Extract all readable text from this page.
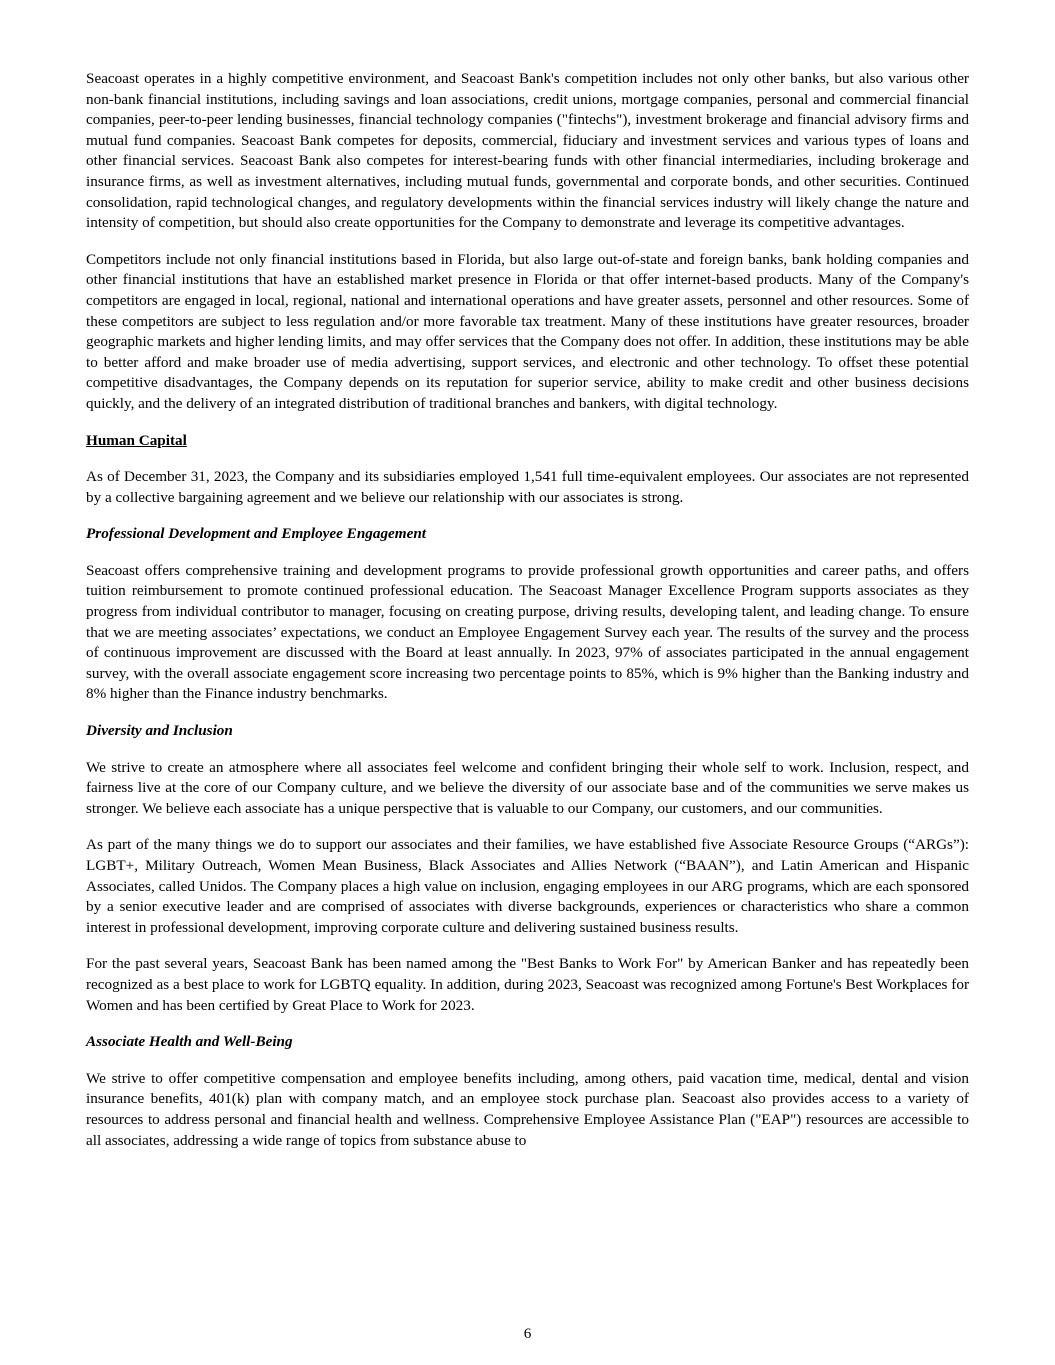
Seacoast operates in a highly competitive environment, and Seacoast Bank's competition includes not only other banks, but also various other non-bank financial institutions, including savings and loan associations, credit unions, mortgage companies, personal and commercial financial companies, peer-to-peer lending businesses, financial technology companies ("fintechs"), investment brokerage and financial advisory firms and mutual fund companies. Seacoast Bank competes for deposits, commercial, fiduciary and investment services and various types of loans and other financial services. Seacoast Bank also competes for interest-bearing funds with other financial intermediaries, including brokerage and insurance firms, as well as investment alternatives, including mutual funds, governmental and corporate bonds, and other securities. Continued consolidation, rapid technological changes, and regulatory developments within the financial services industry will likely change the nature and intensity of competition, but should also create opportunities for the Company to demonstrate and leverage its competitive advantages.

Competitors include not only financial institutions based in Florida, but also large out-of-state and foreign banks, bank holding companies and other financial institutions that have an established market presence in Florida or that offer internet-based products. Many of the Company's competitors are engaged in local, regional, national and international operations and have greater assets, personnel and other resources. Some of these competitors are subject to less regulation and/or more favorable tax treatment. Many of these institutions have greater resources, broader geographic markets and higher lending limits, and may offer services that the Company does not offer. In addition, these institutions may be able to better afford and make broader use of media advertising, support services, and electronic and other technology. To offset these potential competitive disadvantages, the Company depends on its reputation for superior service, ability to make credit and other business decisions quickly, and the delivery of an integrated distribution of traditional branches and bankers, with digital technology.

Human Capital

As of December 31, 2023, the Company and its subsidiaries employed 1,541 full time-equivalent employees. Our associates are not represented by a collective bargaining agreement and we believe our relationship with our associates is strong.

Professional Development and Employee Engagement

Seacoast offers comprehensive training and development programs to provide professional growth opportunities and career paths, and offers tuition reimbursement to promote continued professional education. The Seacoast Manager Excellence Program supports associates as they progress from individual contributor to manager, focusing on creating purpose, driving results, developing talent, and leading change. To ensure that we are meeting associates’ expectations, we conduct an Employee Engagement Survey each year. The results of the survey and the process of continuous improvement are discussed with the Board at least annually. In 2023, 97% of associates participated in the annual engagement survey, with the overall associate engagement score increasing two percentage points to 85%, which is 9% higher than the Banking industry and 8% higher than the Finance industry benchmarks.

Diversity and Inclusion

We strive to create an atmosphere where all associates feel welcome and confident bringing their whole self to work. Inclusion, respect, and fairness live at the core of our Company culture, and we believe the diversity of our associate base and of the communities we serve makes us stronger. We believe each associate has a unique perspective that is valuable to our Company, our customers, and our communities.

As part of the many things we do to support our associates and their families, we have established five Associate Resource Groups (“ARGs”): LGBT+, Military Outreach, Women Mean Business, Black Associates and Allies Network (“BAAN”), and Latin American and Hispanic Associates, called Unidos. The Company places a high value on inclusion, engaging employees in our ARG programs, which are each sponsored by a senior executive leader and are comprised of associates with diverse backgrounds, experiences or characteristics who share a common interest in professional development, improving corporate culture and delivering sustained business results.

For the past several years, Seacoast Bank has been named among the "Best Banks to Work For" by American Banker and has repeatedly been recognized as a best place to work for LGBTQ equality. In addition, during 2023, Seacoast was recognized among Fortune's Best Workplaces for Women and has been certified by Great Place to Work for 2023.

Associate Health and Well-Being

We strive to offer competitive compensation and employee benefits including, among others, paid vacation time, medical, dental and vision insurance benefits, 401(k) plan with company match, and an employee stock purchase plan. Seacoast also provides access to a variety of resources to address personal and financial health and wellness. Comprehensive Employee Assistance Plan ("EAP") resources are accessible to all associates, addressing a wide range of topics from substance abuse to

6
